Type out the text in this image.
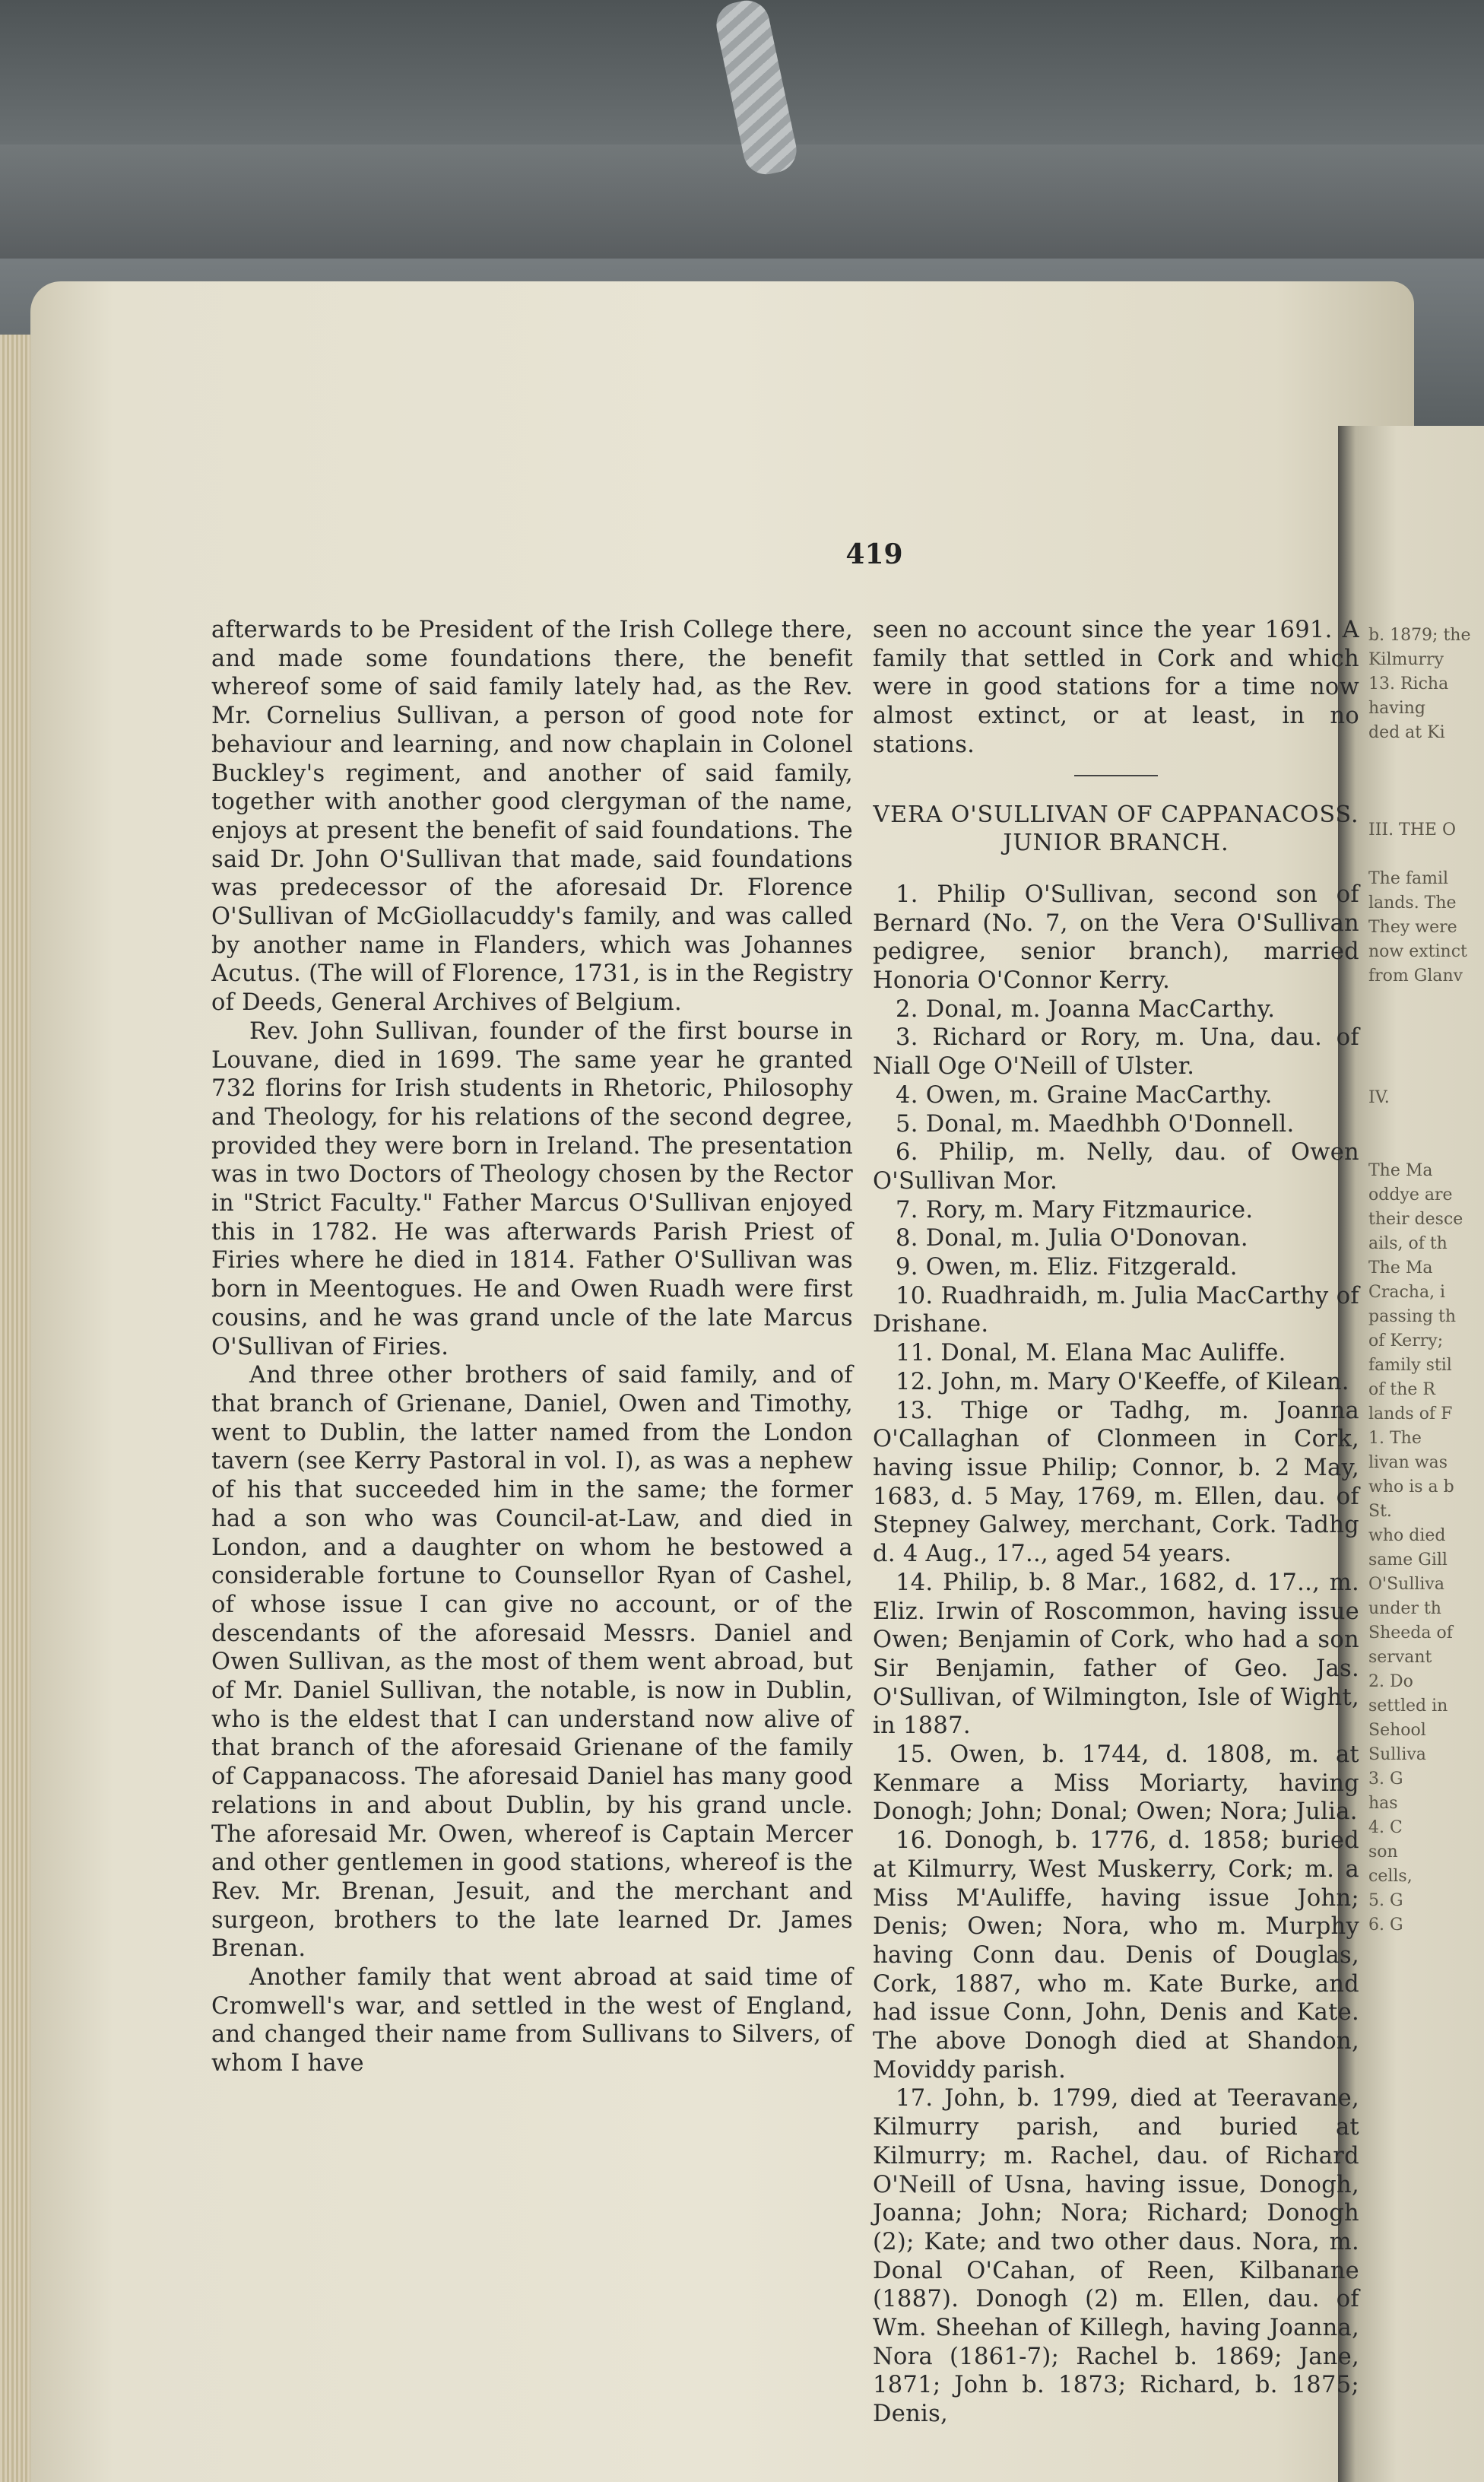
419

afterwards to be President of the Irish College there, and made some foundations there, the benefit whereof some of said family lately had, as the Rev. Mr. Cornelius Sullivan, a person of good note for behaviour and learning, and now chaplain in Colonel Buckley's regiment, and another of said family, together with another good clergyman of the name, enjoys at present the benefit of said foundations. The said Dr. John O'Sullivan that made, said foundations was predecessor of the aforesaid Dr. Florence O'Sullivan of McGiollacuddy's family, and was called by another name in Flanders, which was Johannes Acutus. (The will of Florence, 1731, is in the Registry of Deeds, General Archives of Belgium.

Rev. John Sullivan, founder of the first bourse in Louvane, died in 1699. The same year he granted 732 florins for Irish students in Rhetoric, Philosophy and Theology, for his relations of the second degree, provided they were born in Ireland. The presentation was in two Doctors of Theology chosen by the Rector in "Strict Faculty." Father Marcus O'Sullivan enjoyed this in 1782. He was afterwards Parish Priest of Firies where he died in 1814. Father O'Sullivan was born in Meentogues. He and Owen Ruadh were first cousins, and he was grand uncle of the late Marcus O'Sullivan of Firies.

And three other brothers of said family, and of that branch of Grienane, Daniel, Owen and Timothy, went to Dublin, the latter named from the London tavern (see Kerry Pastoral in vol. I), as was a nephew of his that succeeded him in the same; the former had a son who was Council-at-Law, and died in London, and a daughter on whom he bestowed a considerable fortune to Counsellor Ryan of Cashel, of whose issue I can give no account, or of the descendants of the aforesaid Messrs. Daniel and Owen Sullivan, as the most of them went abroad, but of Mr. Daniel Sullivan, the notable, is now in Dublin, who is the eldest that I can understand now alive of that branch of the aforesaid Grienane of the family of Cappanacoss. The aforesaid Daniel has many good relations in and about Dublin, by his grand uncle. The aforesaid Mr. Owen, whereof is Captain Mercer and other gentlemen in good stations, whereof is the Rev. Mr. Brenan, Jesuit, and the merchant and surgeon, brothers to the late learned Dr. James Brenan.

Another family that went abroad at said time of Cromwell's war, and settled in the west of England, and changed their name from Sullivans to Silvers, of whom I have

seen no account since the year 1691. A family that settled in Cork and which were in good stations for a time now almost extinct, or at least, in no stations.

VERA O'SULLIVAN OF CAPPANACOSS.

JUNIOR BRANCH.

1. Philip O'Sullivan, second son of Bernard (No. 7, on the Vera O'Sullivan pedigree, senior branch), married Honoria O'Connor Kerry.

2. Donal, m. Joanna MacCarthy.

3. Richard or Rory, m. Una, dau. of Niall Oge O'Neill of Ulster.

4. Owen, m. Graine MacCarthy.

5. Donal, m. Maedhbh O'Donnell.

6. Philip, m. Nelly, dau. of Owen O'Sullivan Mor.

7. Rory, m. Mary Fitzmaurice.

8. Donal, m. Julia O'Donovan.

9. Owen, m. Eliz. Fitzgerald.

10. Ruadhraidh, m. Julia MacCarthy of Drishane.

11. Donal, M. Elana Mac Auliffe.

12. John, m. Mary O'Keeffe, of Kilean.

13. Thige or Tadhg, m. Joanna O'Callaghan of Clonmeen in Cork, having issue Philip; Connor, b. 2 May, 1683, d. 5 May, 1769, m. Ellen, dau. of Stepney Galwey, merchant, Cork. Tadhg d. 4 Aug., 17.., aged 54 years.

14. Philip, b. 8 Mar., 1682, d. 17.., m. Eliz. Irwin of Roscommon, having issue Owen; Benjamin of Cork, who had a son Sir Benjamin, father of Geo. Jas. O'Sullivan, of Wilmington, Isle of Wight, in 1887.

15. Owen, b. 1744, d. 1808, m. at Kenmare a Miss Moriarty, having Donogh; John; Donal; Owen; Nora; Julia.

16. Donogh, b. 1776, d. 1858; buried at Kilmurry, West Muskerry, Cork; m. a Miss M'Auliffe, having issue John; Denis; Owen; Nora, who m. Murphy having Conn dau. Denis of Douglas, Cork, 1887, who m. Kate Burke, and had issue Conn, John, Denis and Kate. The above Donogh died at Shandon, Moviddy parish.

17. John, b. 1799, died at Teeravane, Kilmurry parish, and buried at Kilmurry; m. Rachel, dau. of Richard O'Neill of Usna, having issue, Donogh, Joanna; John; Nora; Richard; Donogh (2); Kate; and two other daus. Nora, m. Donal O'Cahan, of Reen, Kilbanane (1887). Donogh (2) m. Ellen, dau. of Wm. Sheehan of Killegh, having Joanna, Nora (1861-7); Rachel b. 1869; Jane, 1871; John b. 1873; Richard, b. 1875; Denis,

b. 1879; the
Kilmurry
13. Richa
having
ded at Ki

III. THE O

The famil
lands. The
They were
now extinct
from Glanv

IV.

The Ma
oddye are
their desce
ails, of th
The Ma
Cracha, i
passing th
of Kerry;
family stil
of the R
lands of F
1. The
livan was
who is a b
St.
who died
same Gill
O'Sulliva
under th
Sheeda of
servant
2. Do
settled in
Sehool
Sulliva
3. G
has
4. C
son
cells,
5. G
6. G
